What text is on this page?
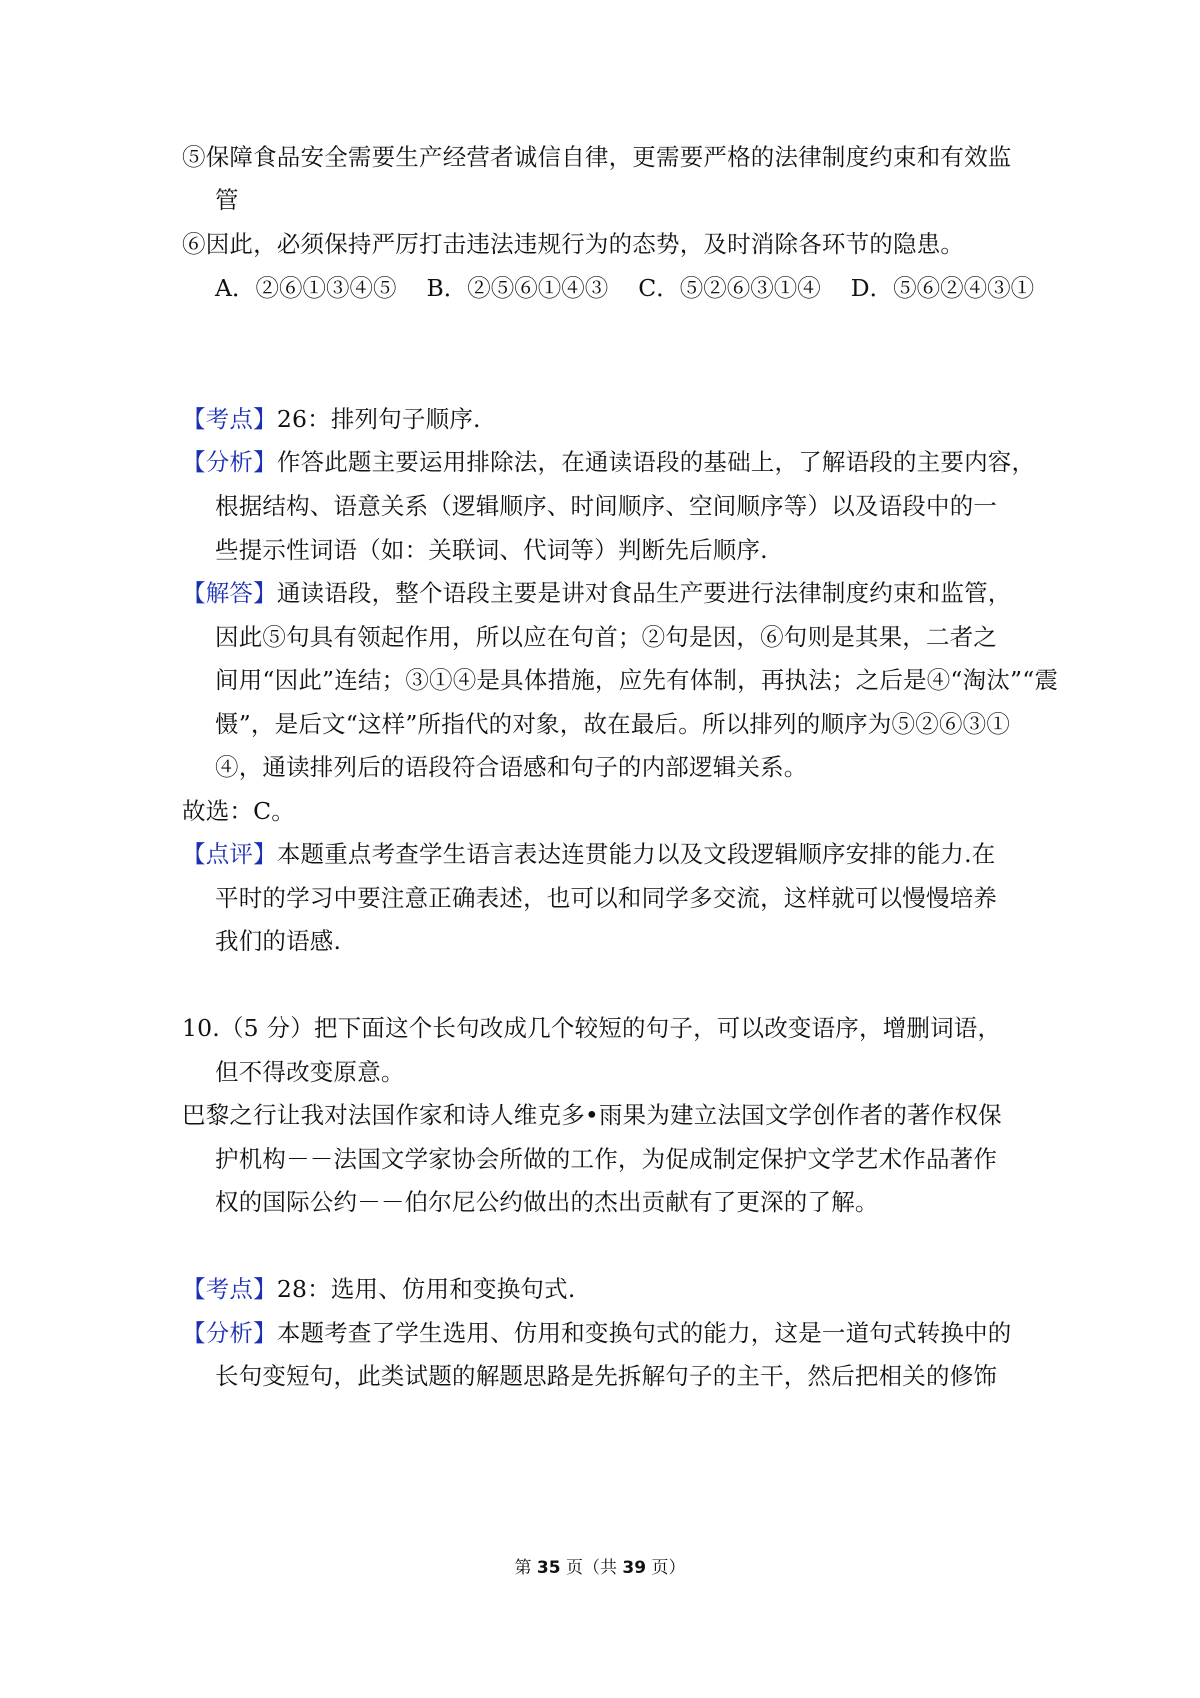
⑤保障食品安全需要生产经营者诚信自律，更需要严格的法律制度约束和有效监
管
⑥因此，必须保持严厉打击违法违规行为的态势，及时消除各环节的隐患。
A．②⑥①③④⑤ B．②⑤⑥①④③ C．⑤②⑥③①④ D．⑤⑥②④③①
【考点】26：排列句子顺序.
【分析】作答此题主要运用排除法，在通读语段的基础上，了解语段的主要内容，
根据结构、语意关系（逻辑顺序、时间顺序、空间顺序等）以及语段中的一
些提示性词语（如：关联词、代词等）判断先后顺序.
【解答】通读语段，整个语段主要是讲对食品生产要进行法律制度约束和监管，
因此⑤句具有领起作用，所以应在句首；②句是因，⑥句则是其果，二者之
间用“因此”连结；③①④是具体措施，应先有体制，再执法；之后是④“淘汰”“震
慑”，是后文“这样”所指代的对象，故在最后。所以排列的顺序为⑤②⑥③①
④，通读排列后的语段符合语感和句子的内部逻辑关系。
故选：C。
【点评】本题重点考查学生语言表达连贯能力以及文段逻辑顺序安排的能力.在
平时的学习中要注意正确表述，也可以和同学多交流，这样就可以慢慢培养
我们的语感.
10.（5 分）把下面这个长句改成几个较短的句子，可以改变语序，增删词语，
但不得改变原意。
巴黎之行让我对法国作家和诗人维克多•雨果为建立法国文学创作者的著作权保
护机构－－法国文学家协会所做的工作，为促成制定保护文学艺术作品著作
权的国际公约－－伯尔尼公约做出的杰出贡献有了更深的了解。
【考点】28：选用、仿用和变换句式.
【分析】本题考查了学生选用、仿用和变换句式的能力，这是一道句式转换中的
长句变短句，此类试题的解题思路是先拆解句子的主干，然后把相关的修饰
第 35 页（共 39 页）
